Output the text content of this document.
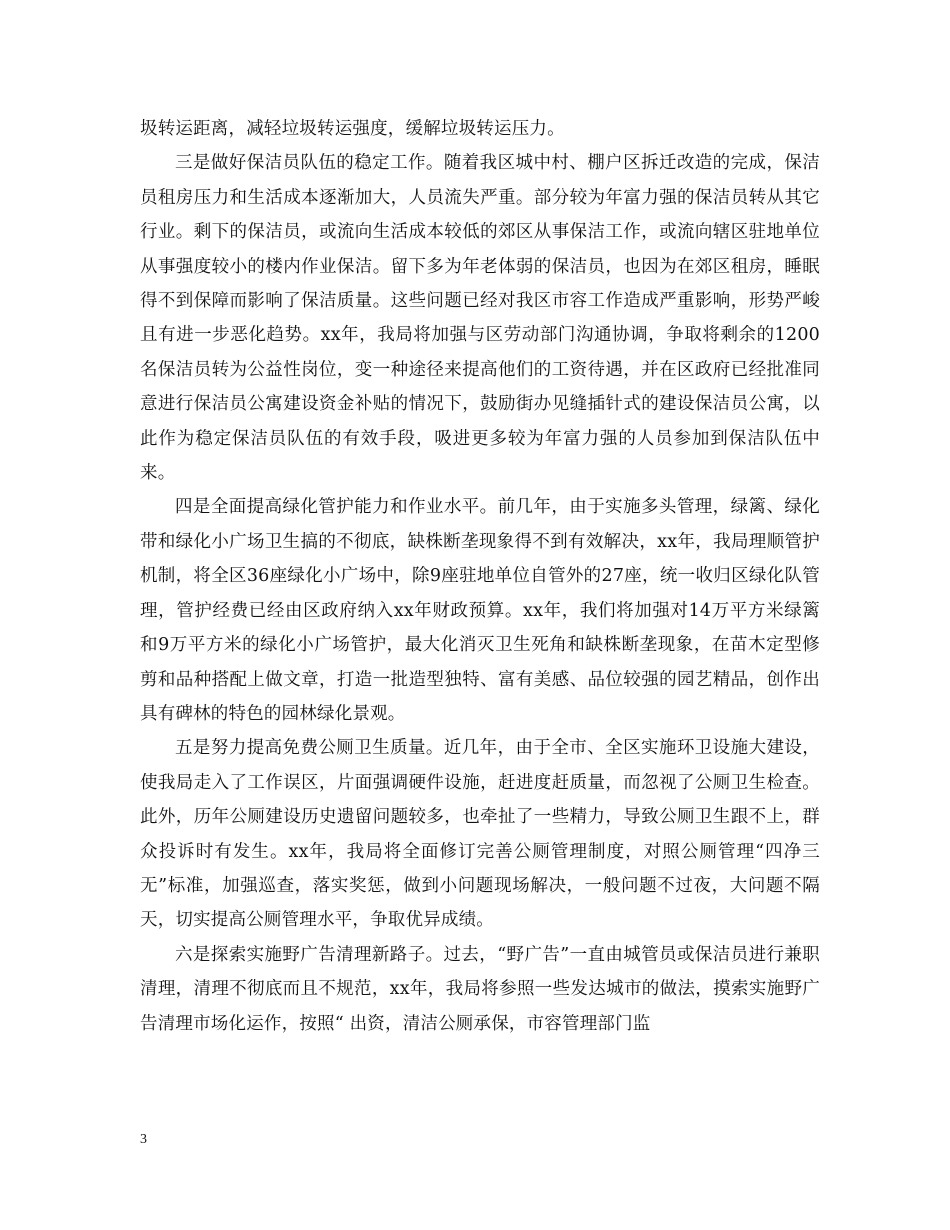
圾转运距离，减轻垃圾转运强度，缓解垃圾转运压力。

三是做好保洁员队伍的稳定工作。随着我区城中村、棚户区拆迁改造的完成，保洁员租房压力和生活成本逐渐加大，人员流失严重。部分较为年富力强的保洁员转从其它行业。剩下的保洁员，或流向生活成本较低的郊区从事保洁工作，或流向辖区驻地单位从事强度较小的楼内作业保洁。留下多为年老体弱的保洁员，也因为在郊区租房，睡眠得不到保障而影响了保洁质量。这些问题已经对我区市容工作造成严重影响，形势严峻且有进一步恶化趋势。xx年，我局将加强与区劳动部门沟通协调，争取将剩余的1200名保洁员转为公益性岗位，变一种途径来提高他们的工资待遇，并在区政府已经批准同意进行保洁员公寓建设资金补贴的情况下，鼓励街办见缝插针式的建设保洁员公寓，以此作为稳定保洁员队伍的有效手段，吸进更多较为年富力强的人员参加到保洁队伍中来。

四是全面提高绿化管护能力和作业水平。前几年，由于实施多头管理，绿篱、绿化带和绿化小广场卫生搞的不彻底，缺株断垄现象得不到有效解决，xx年，我局理顺管护机制，将全区36座绿化小广场中，除9座驻地单位自管外的27座，统一收归区绿化队管理，管护经费已经由区政府纳入xx年财政预算。xx年，我们将加强对14万平方米绿篱和9万平方米的绿化小广场管护，最大化消灭卫生死角和缺株断垄现象，在苗木定型修剪和品种搭配上做文章，打造一批造型独特、富有美感、品位较强的园艺精品，创作出具有碑林的特色的园林绿化景观。

五是努力提高免费公厕卫生质量。近几年，由于全市、全区实施环卫设施大建设，使我局走入了工作误区，片面强调硬件设施，赶进度赶质量，而忽视了公厕卫生检查。此外，历年公厕建设历史遗留问题较多，也牵扯了一些精力，导致公厕卫生跟不上，群众投诉时有发生。xx年，我局将全面修订完善公厕管理制度，对照公厕管理“四净三无”标准，加强巡查，落实奖惩，做到小问题现场解决，一般问题不过夜，大问题不隔天，切实提高公厕管理水平，争取优异成绩。

六是探索实施野广告清理新路子。过去，“野广告”一直由城管员或保洁员进行兼职清理，清理不彻底而且不规范，xx年，我局将参照一些发达城市的做法，摸索实施野广告清理市场化运作，按照“ 出资，清洁公厕承保，市容管理部门监

3
